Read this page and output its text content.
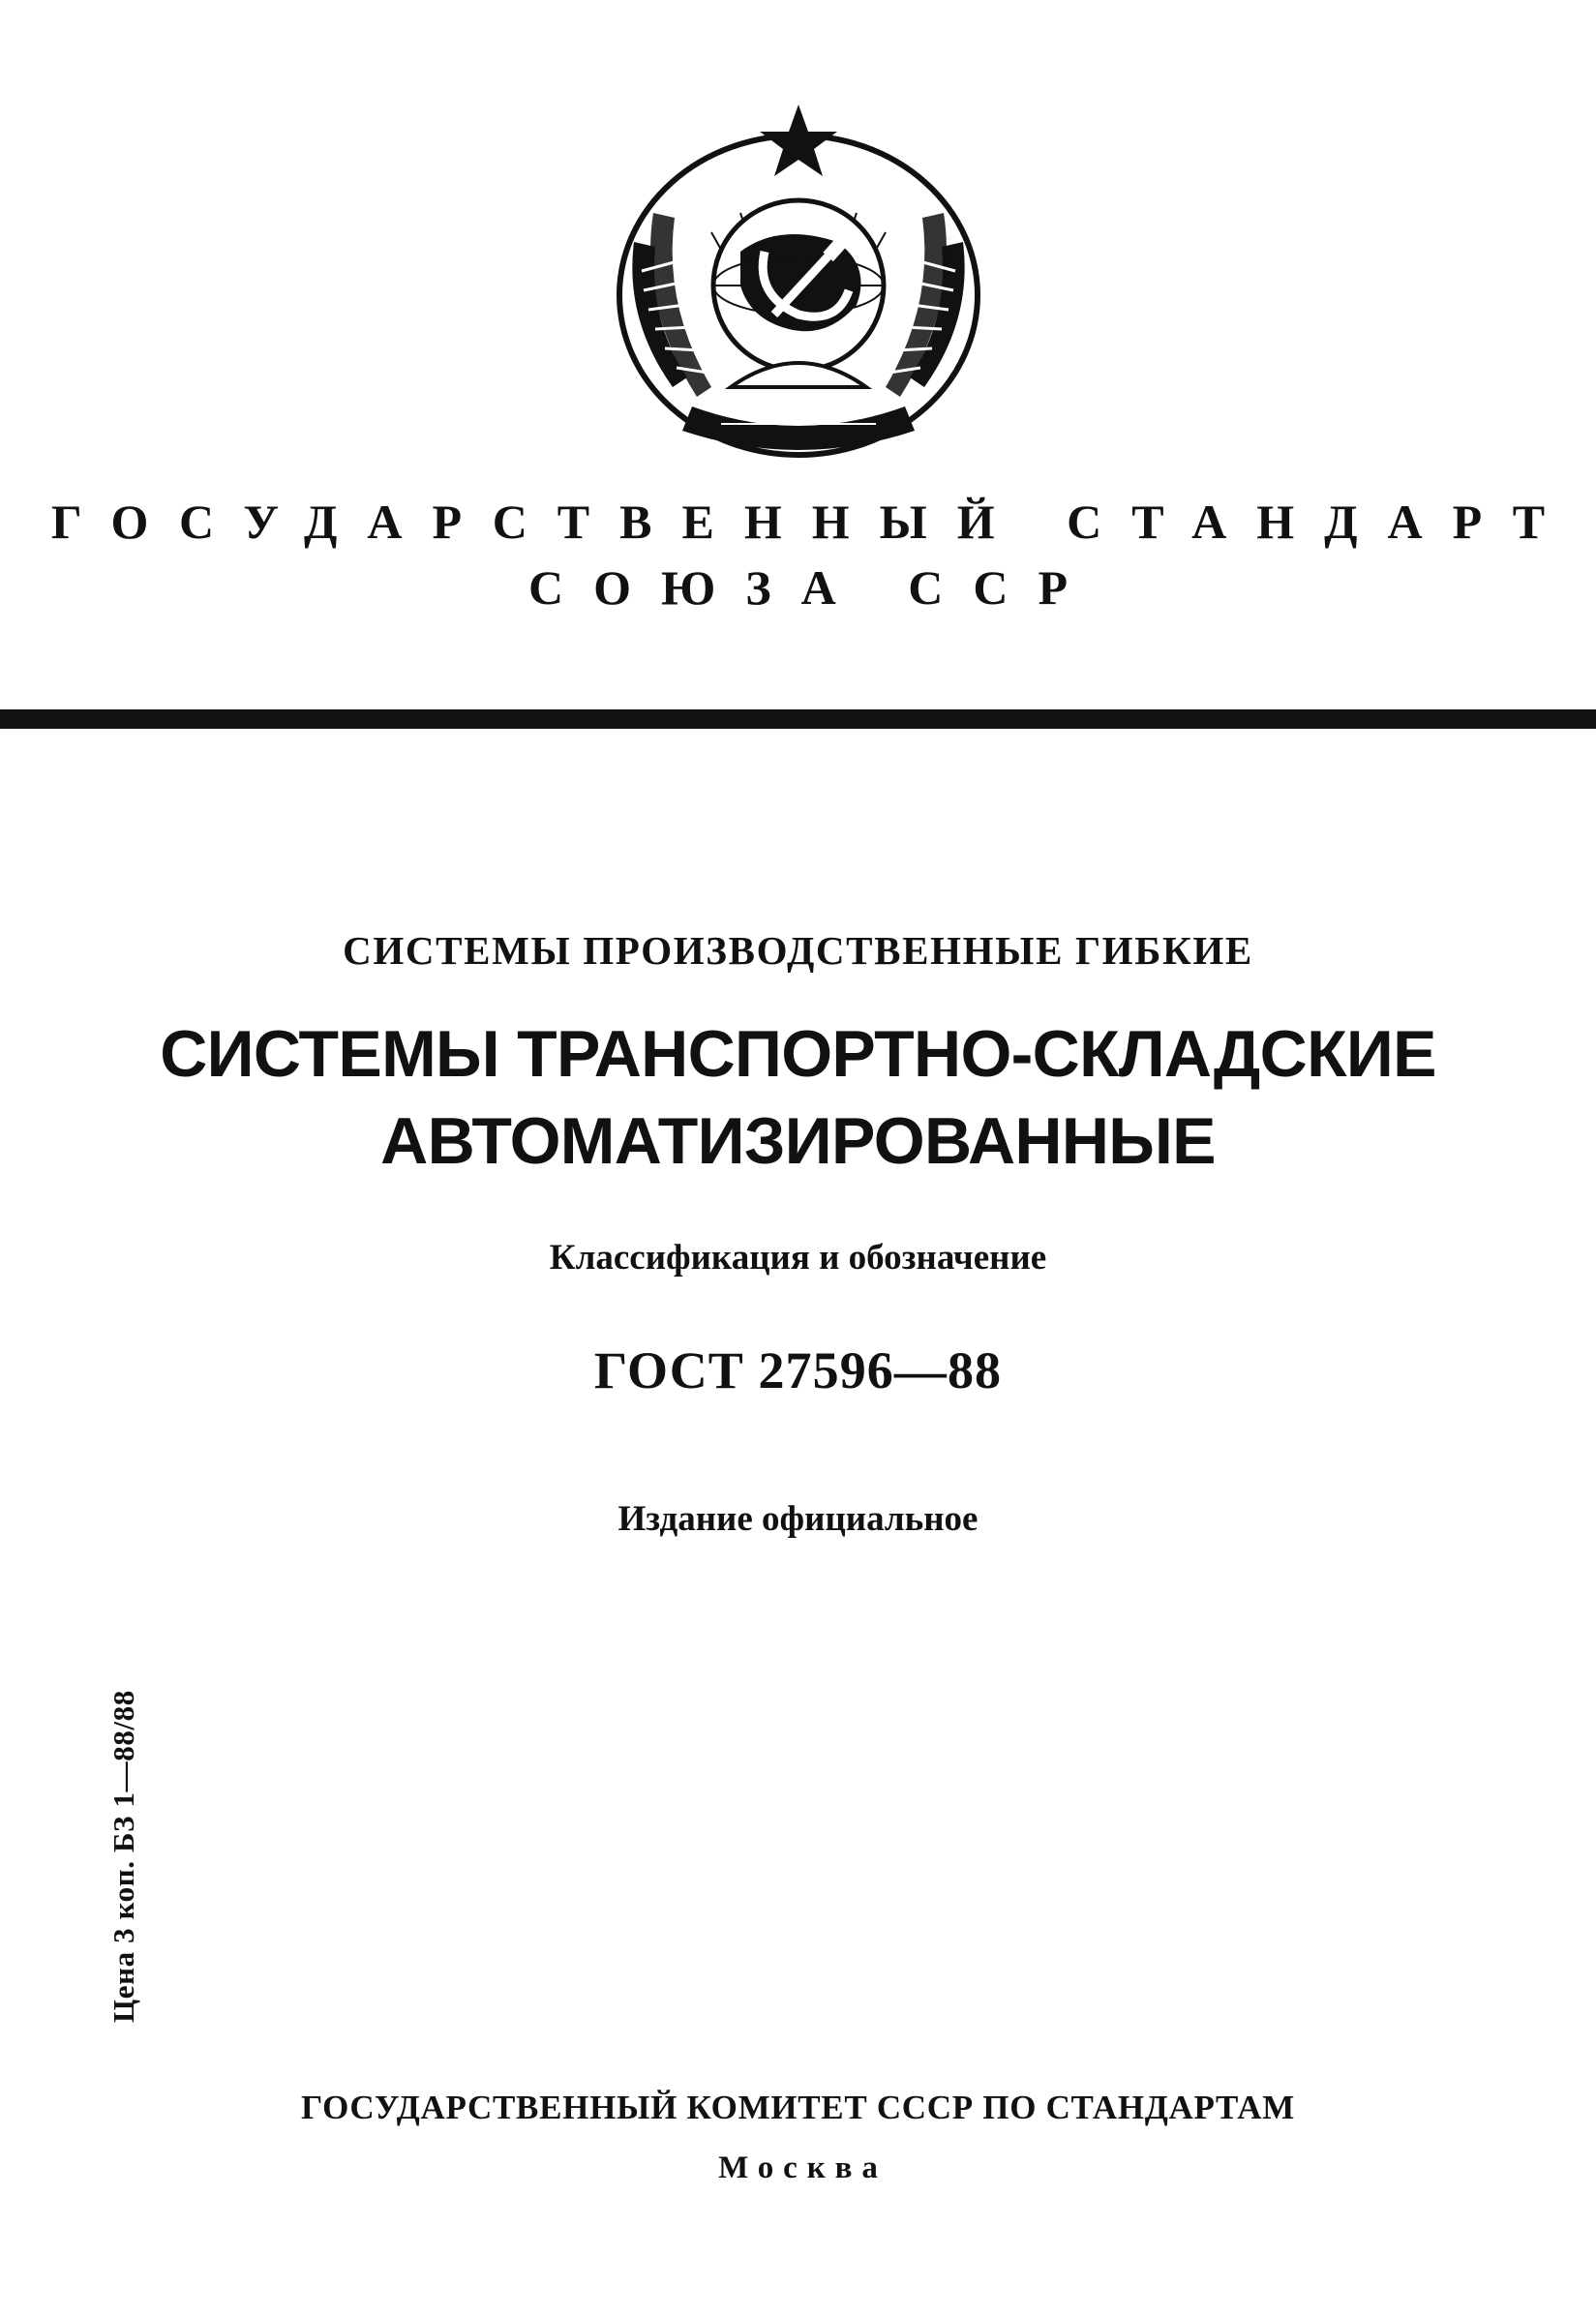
ГОСУДАРСТВЕННЫЙ СТАНДАРТ
СОЮЗА ССР
СИСТЕМЫ ПРОИЗВОДСТВЕННЫЕ ГИБКИЕ
СИСТЕМЫ ТРАНСПОРТНО-СКЛАДСКИЕ
АВТОМАТИЗИРОВАННЫЕ
Классификация и обозначение
ГОСТ 27596—88
Издание официальное
Цена 3 коп. БЗ 1—88/88
ГОСУДАРСТВЕННЫЙ КОМИТЕТ СССР ПО СТАНДАРТАМ
Москва
